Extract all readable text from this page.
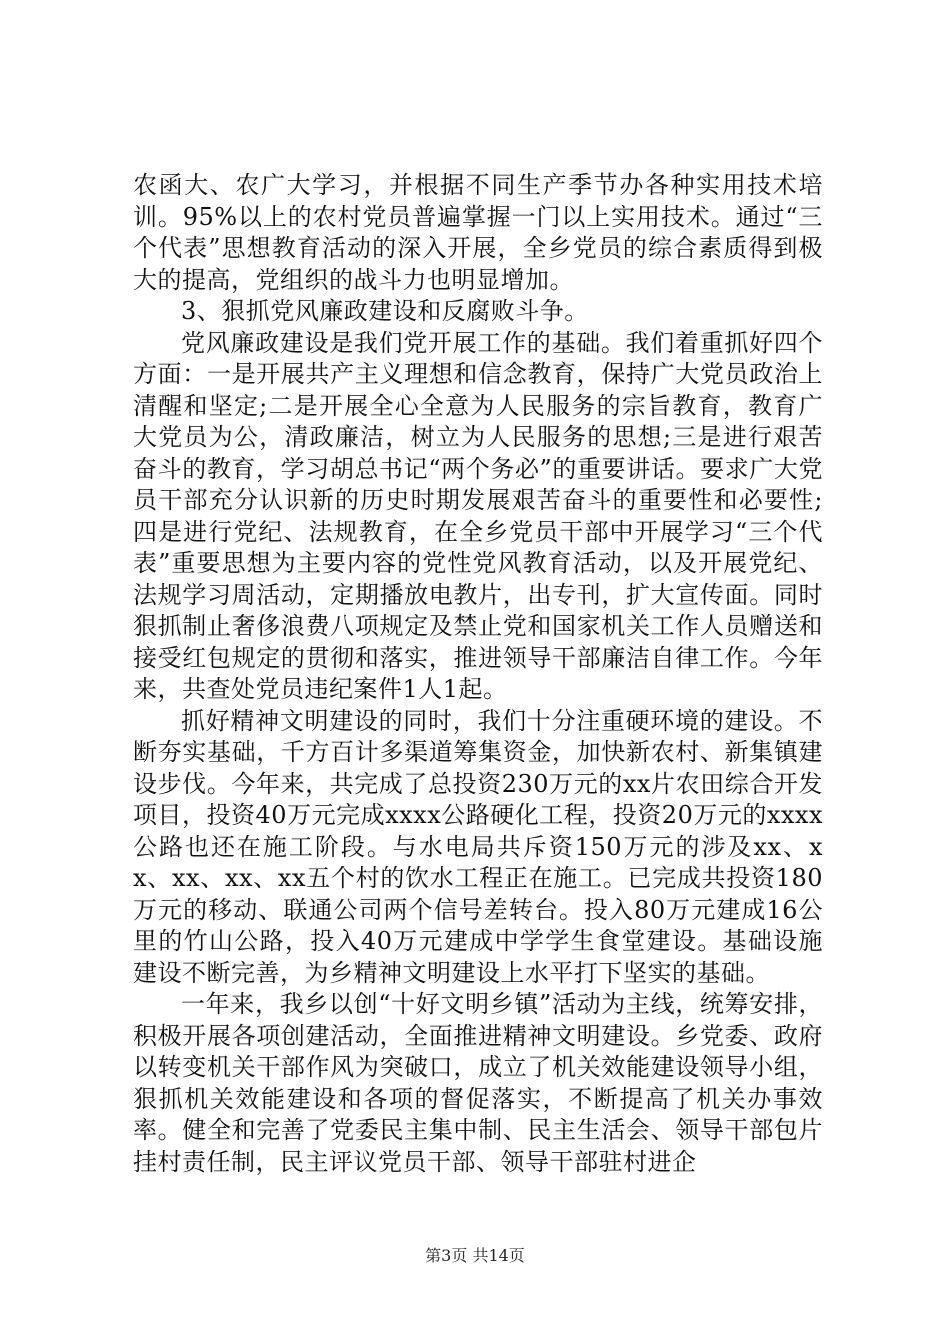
农函大、农广大学习，并根据不同生产季节办各种实用技术培训。95%以上的农村党员普遍掌握一门以上实用技术。通过“三个代表”思想教育活动的深入开展，全乡党员的综合素质得到极大的提高，党组织的战斗力也明显增加。

3、狠抓党风廉政建设和反腐败斗争。

党风廉政建设是我们党开展工作的基础。我们着重抓好四个方面：一是开展共产主义理想和信念教育，保持广大党员政治上清醒和坚定;二是开展全心全意为人民服务的宗旨教育，教育广大党员为公，清政廉洁，树立为人民服务的思想;三是进行艰苦奋斗的教育，学习胡总书记“两个务必”的重要讲话。要求广大党员干部充分认识新的历史时期发展艰苦奋斗的重要性和必要性;四是进行党纪、法规教育，在全乡党员干部中开展学习“三个代表”重要思想为主要内容的党性党风教育活动，以及开展党纪、法规学习周活动，定期播放电教片，出专刊，扩大宣传面。同时狠抓制止奢侈浪费八项规定及禁止党和国家机关工作人员赠送和接受红包规定的贯彻和落实，推进领导干部廉洁自律工作。今年来，共查处党员违纪案件1人1起。

抓好精神文明建设的同时，我们十分注重硬环境的建设。不断夯实基础，千方百计多渠道筹集资金，加快新农村、新集镇建设步伐。今年来，共完成了总投资230万元的xx片农田综合开发项目，投资40万元完成xxxx公路硬化工程，投资20万元的xxxx公路也还在施工阶段。与水电局共斥资150万元的涉及xx、xx、xx、xx、xx五个村的饮水工程正在施工。已完成共投资180万元的移动、联通公司两个信号差转台。投入80万元建成16公里的竹山公路，投入40万元建成中学学生食堂建设。基础设施建设不断完善，为乡精神文明建设上水平打下坚实的基础。

一年来，我乡以创“十好文明乡镇”活动为主线，统筹安排，积极开展各项创建活动，全面推进精神文明建设。乡党委、政府以转变机关干部作风为突破口，成立了机关效能建设领导小组，狠抓机关效能建设和各项的督促落实，不断提高了机关办事效率。健全和完善了党委民主集中制、民主生活会、领导干部包片挂村责任制，民主评议党员干部、领导干部驻村进企

第3页 共14页
